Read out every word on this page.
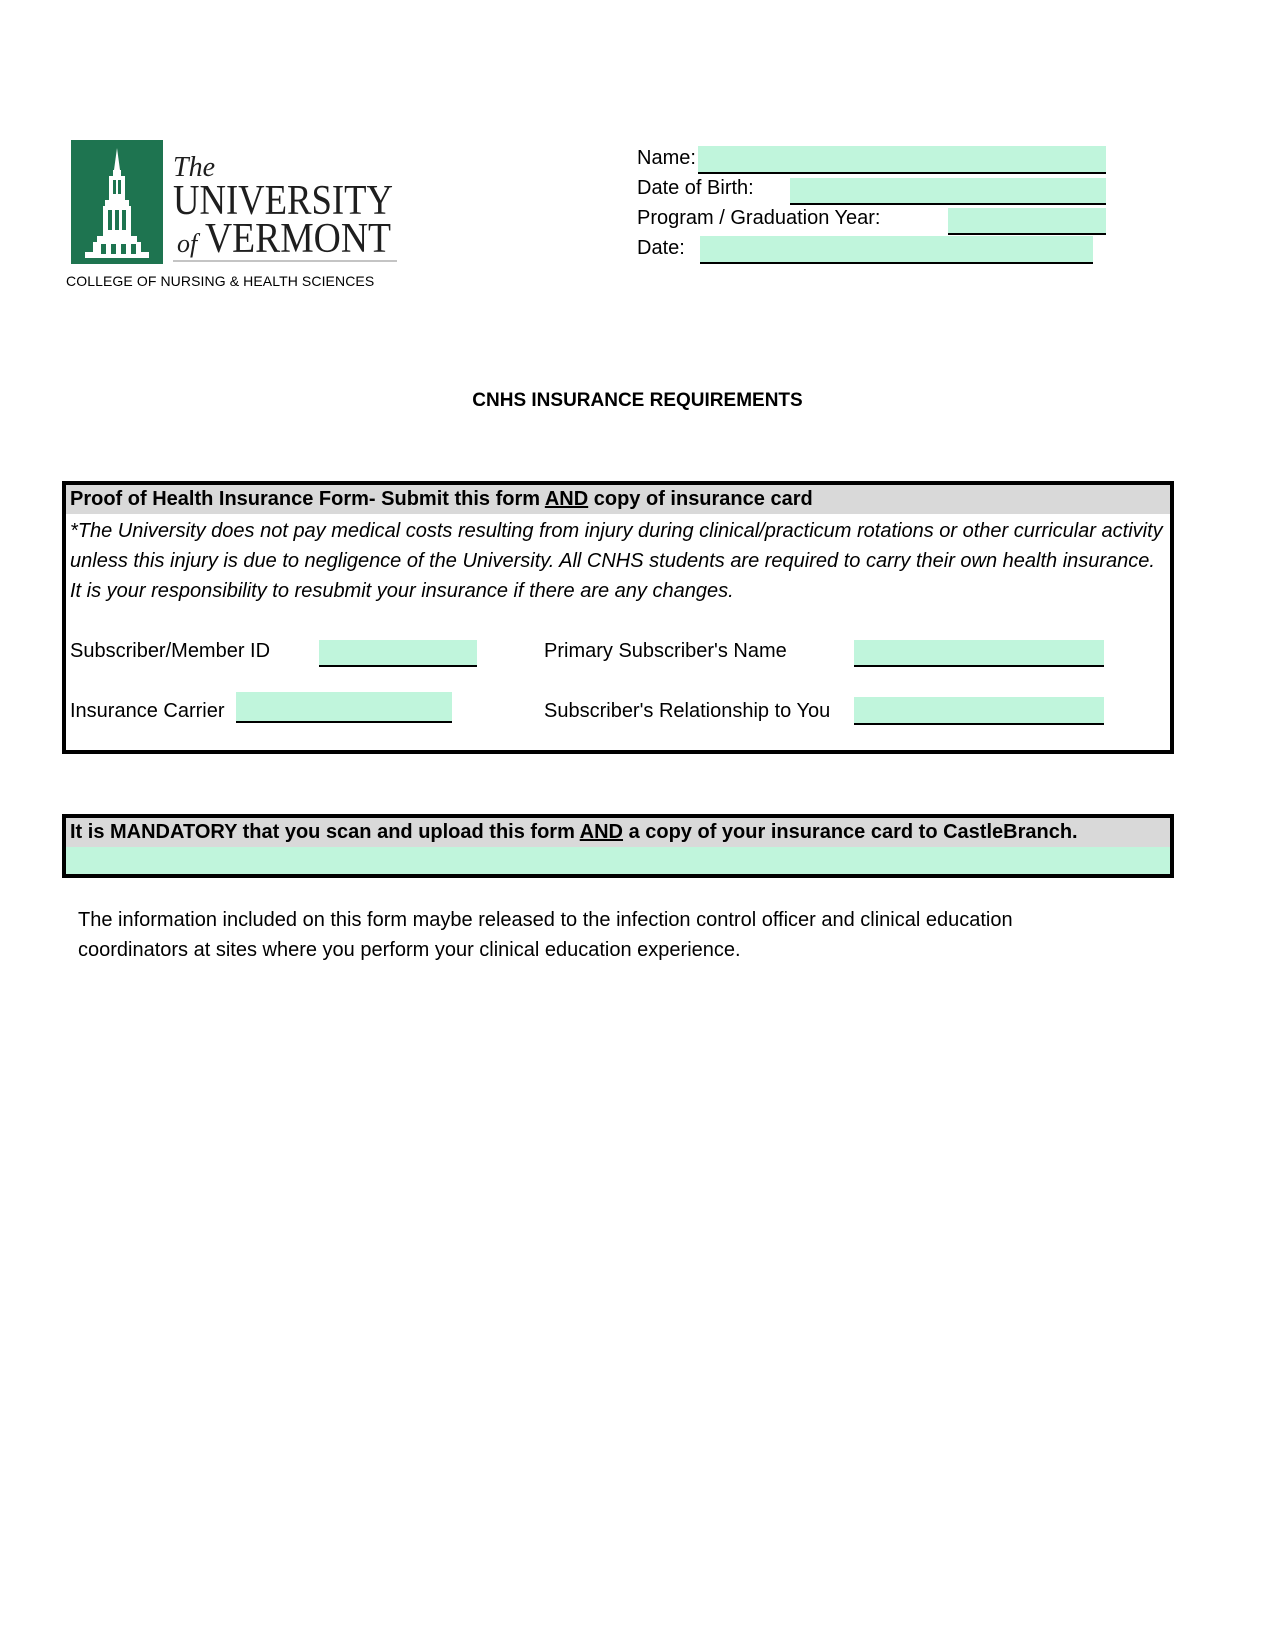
The
UNIVERSITY
of VERMONT
COLLEGE OF NURSING & HEALTH SCIENCES
Name:
Date of Birth:
Program / Graduation Year:
Date:
CNHS INSURANCE REQUIREMENTS
Proof of Health Insurance Form- Submit this form AND copy of insurance card
*The University does not pay medical costs resulting from injury during clinical/practicum rotations or other curricular activity unless this injury is due to negligence of the University. All CNHS students are required to carry their own health insurance. It is your responsibility to resubmit your insurance if there are any changes.
Subscriber/Member ID	Primary Subscriber's Name
Insurance Carrier	Subscriber's Relationship to You
It is MANDATORY that you scan and upload this form AND a copy of your insurance card to CastleBranch.
The information included on this form maybe released to the infection control officer and clinical education coordinators at sites where you perform your clinical education experience.
